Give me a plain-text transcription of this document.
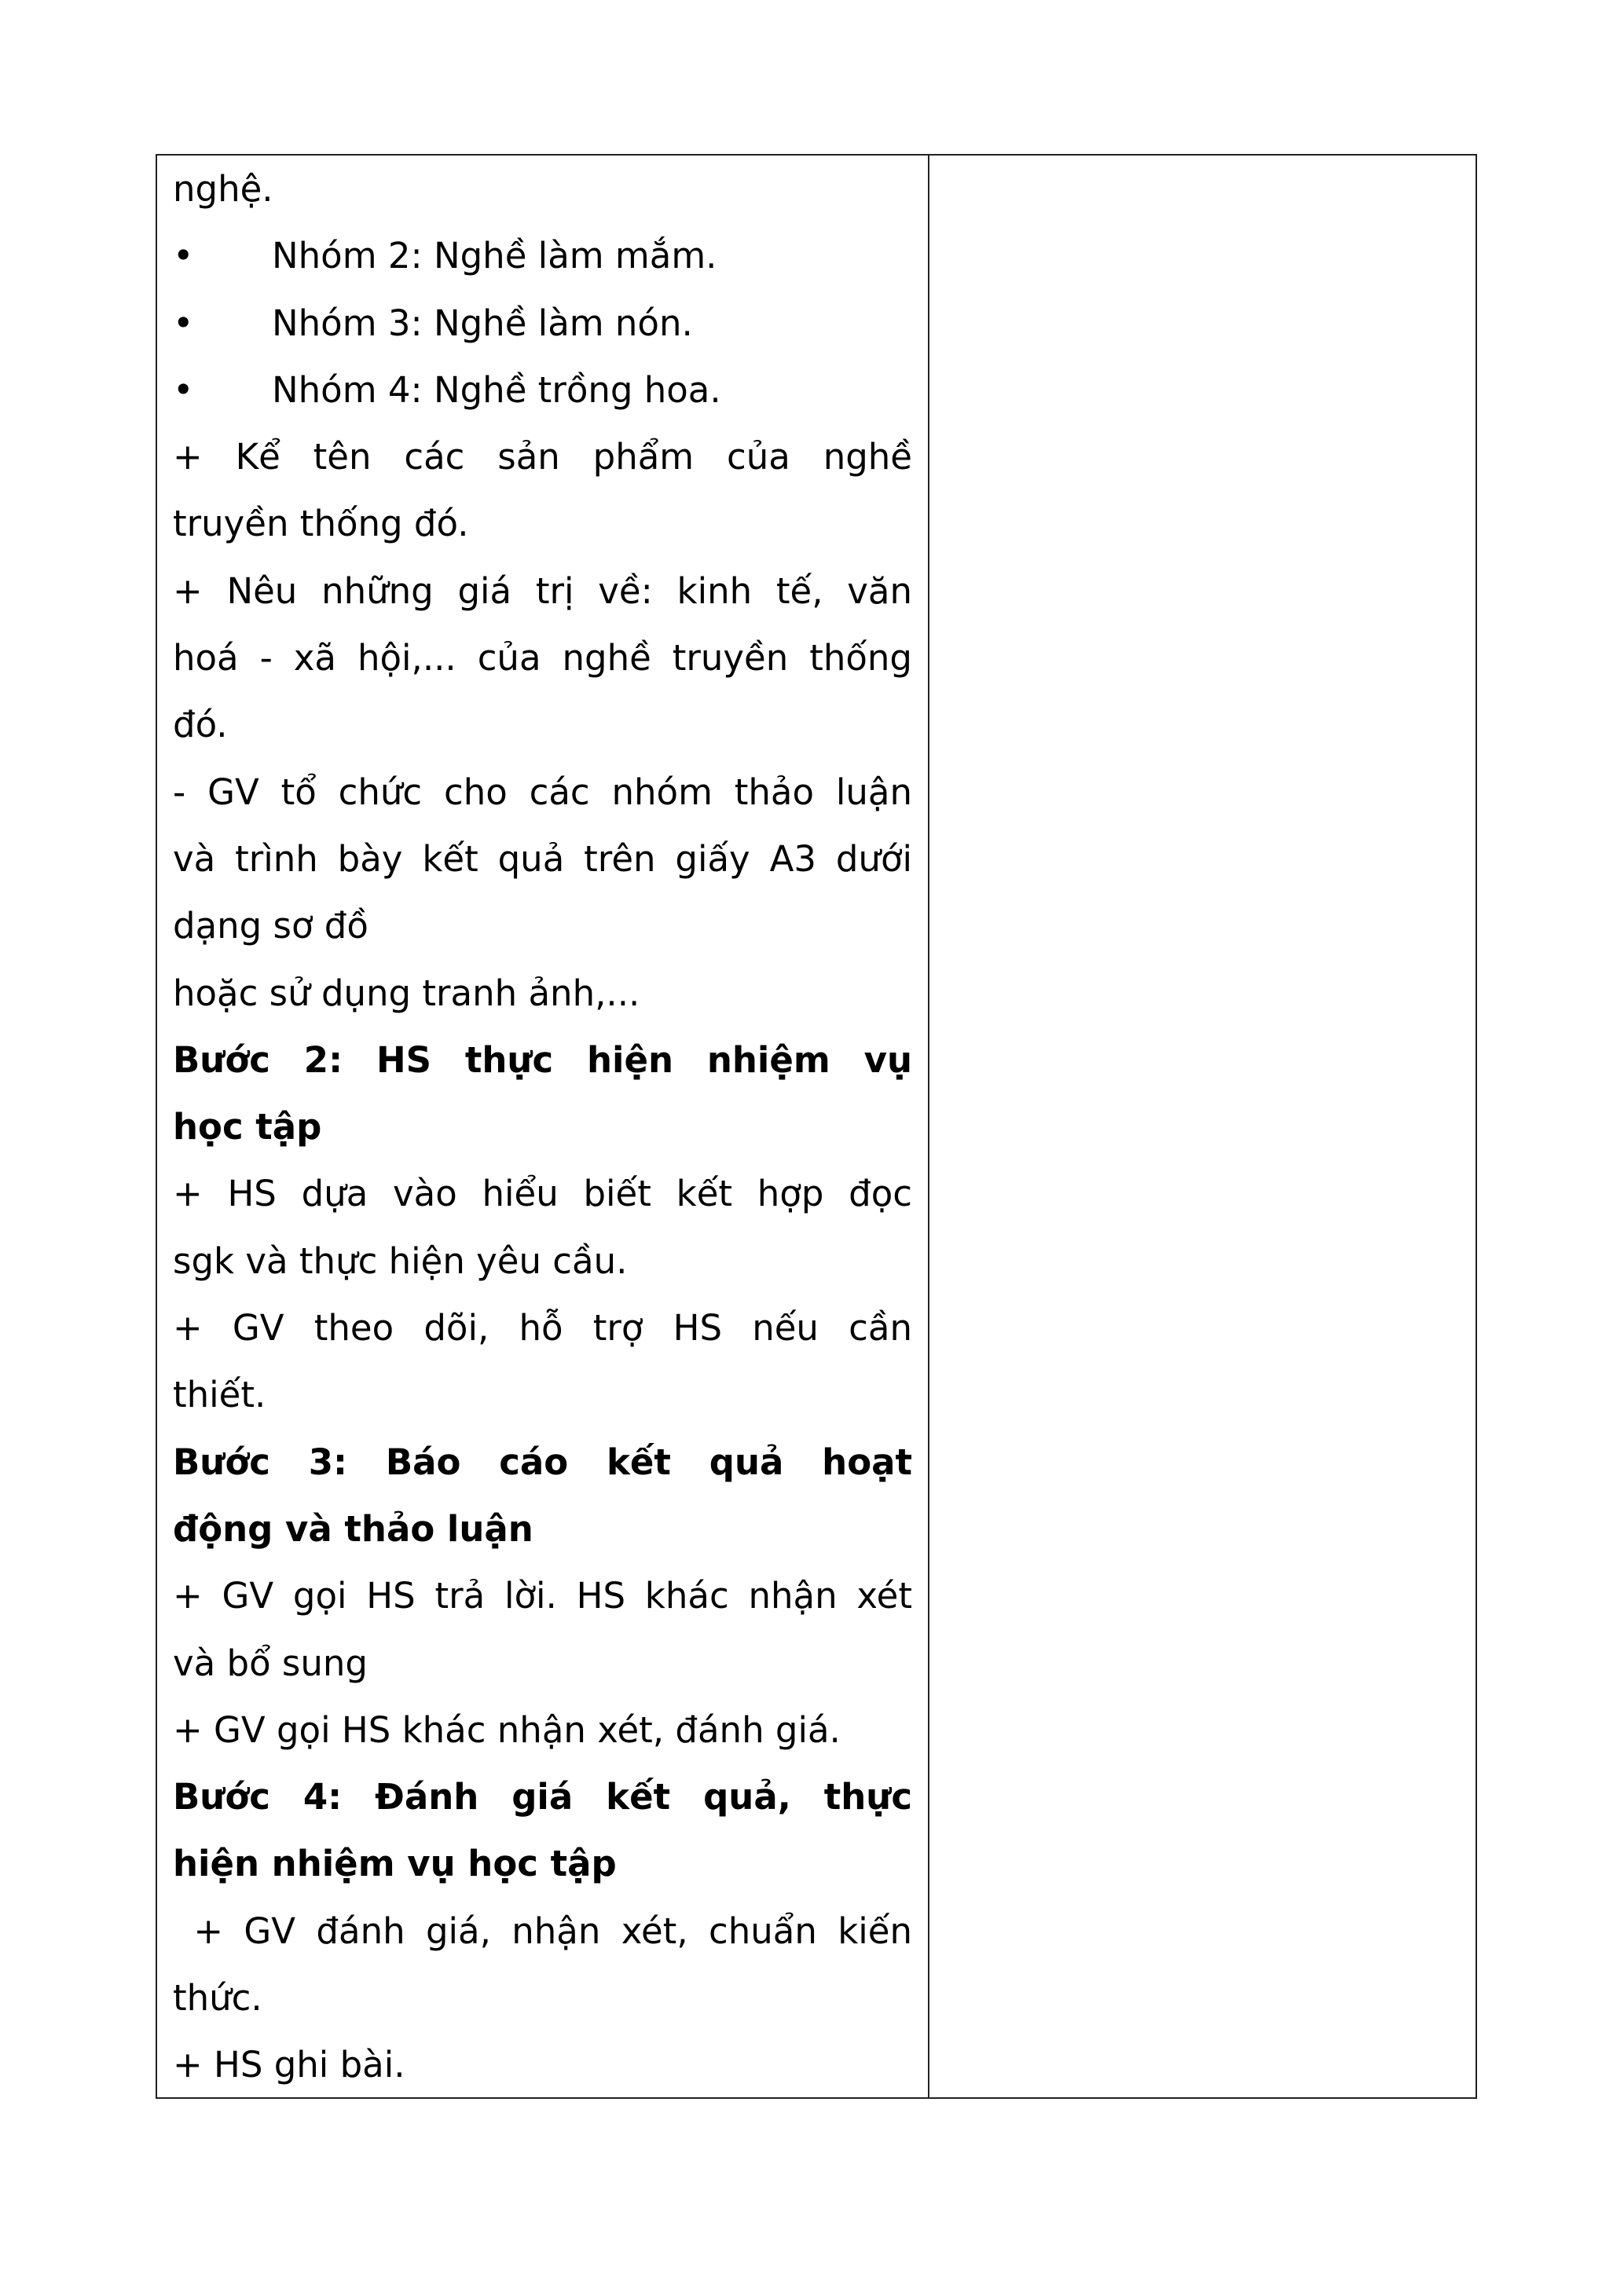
nghệ.
•	Nhóm 2: Nghề làm mắm.
•	Nhóm 3: Nghề làm nón.
•	Nhóm 4: Nghề trồng hoa.
+ Kể tên các sản phẩm của nghề
truyền thống đó.
+ Nêu những giá trị về: kinh tế, văn
hoá - xã hội,... của nghề truyền thống
đó.
- GV tổ chức cho các nhóm thảo luận
và trình bày kết quả trên giấy A3 dưới
dạng sơ đồ
hoặc sử dụng tranh ảnh,...
Bước 2: HS thực hiện nhiệm vụ
học tập
+ HS dựa vào hiểu biết kết hợp đọc
sgk và thực hiện yêu cầu.
+ GV theo dõi, hỗ trợ HS nếu cần
thiết.
Bước 3: Báo cáo kết quả hoạt
động và thảo luận
+ GV gọi HS trả lời. HS khác nhận xét
và bổ sung
+ GV gọi HS khác nhận xét, đánh giá.
Bước 4: Đánh giá kết quả, thực
hiện nhiệm vụ học tập
+ GV đánh giá, nhận xét, chuẩn kiến
thức.
+ HS ghi bài.
